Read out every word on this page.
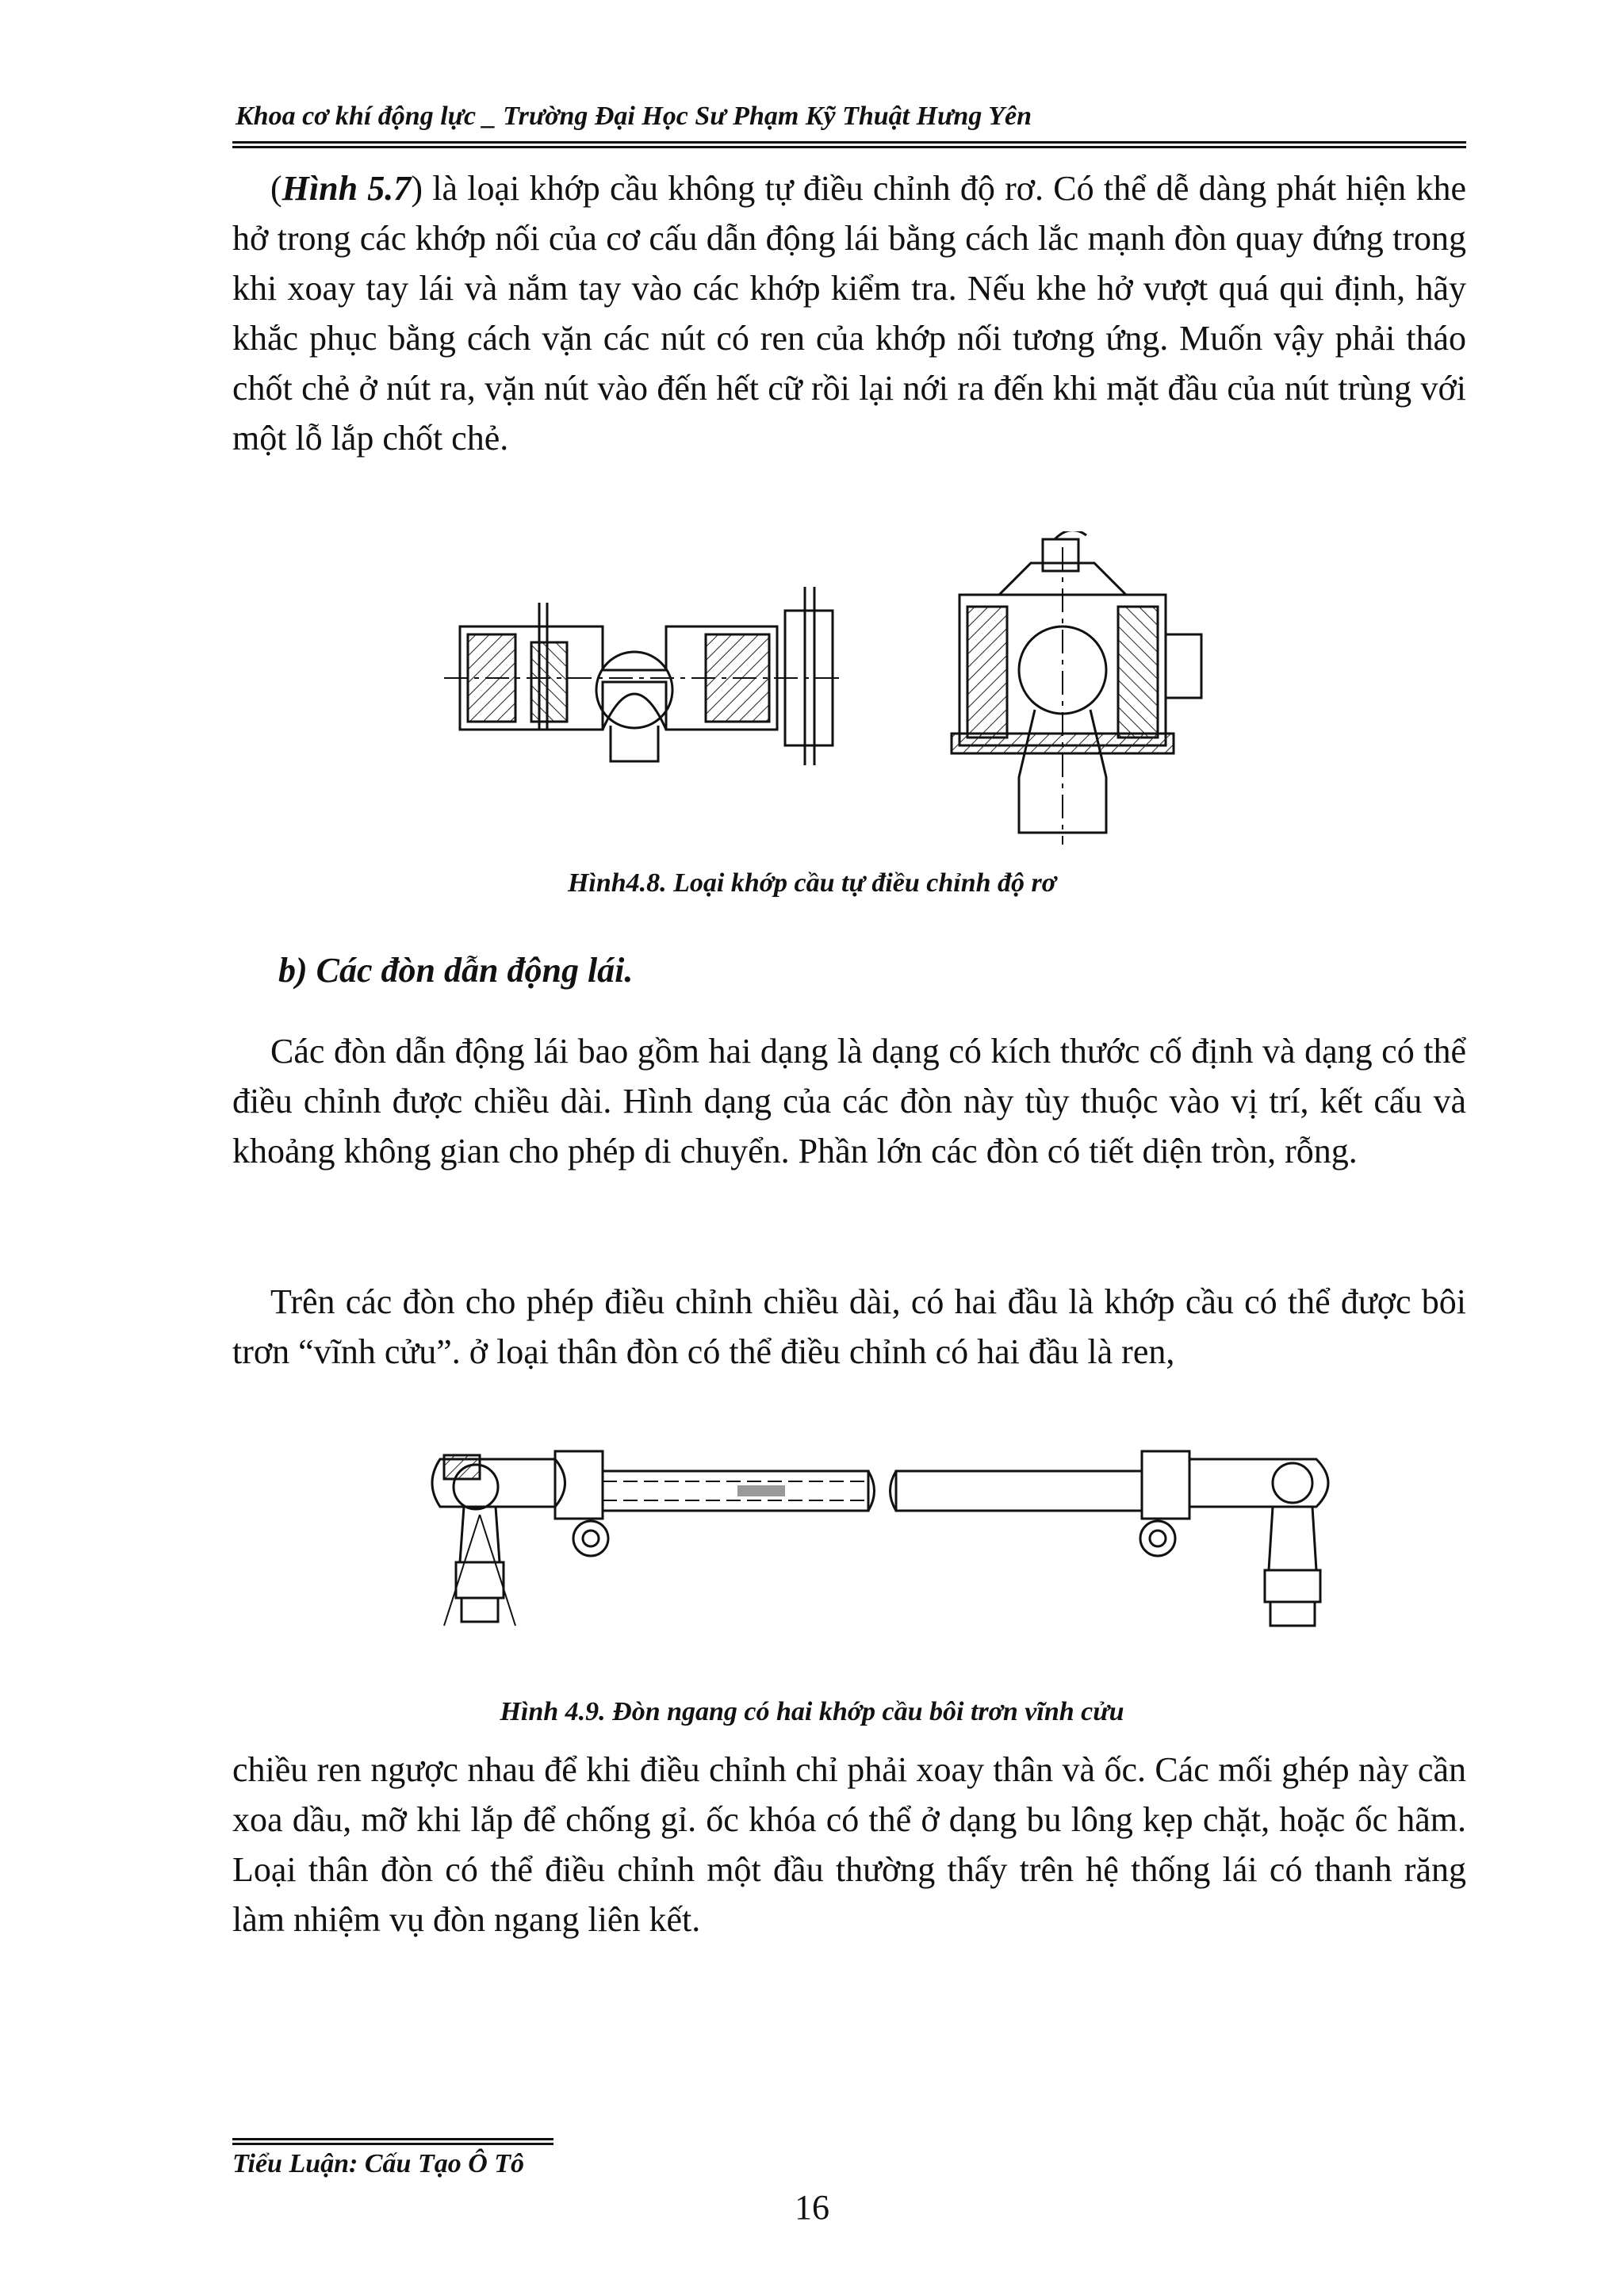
Khoa cơ khí động lực _ Trường Đại Học Sư Phạm Kỹ Thuật Hưng Yên
(Hình 5.7) là loại khớp cầu không tự điều chỉnh độ rơ. Có thể dễ dàng phát hiện khe hở trong các khớp nối của cơ cấu dẫn động lái bằng cách lắc mạnh đòn quay đứng trong khi xoay tay lái và nắm tay vào các khớp kiểm tra. Nếu khe hở vượt quá qui định, hãy khắc phục bằng cách vặn các nút có ren của khớp nối tương ứng. Muốn vậy phải tháo chốt chẻ ở nút ra, vặn nút vào đến hết cữ rồi lại nới ra đến khi mặt đầu của nút trùng với một lỗ lắp chốt chẻ.
Hình4.8. Loại khớp cầu tự điều chỉnh độ rơ
b) Các đòn dẫn động lái.
Các đòn dẫn động lái bao gồm hai dạng là dạng có kích thước cố định và dạng có thể điều chỉnh được chiều dài. Hình dạng của các đòn này tùy thuộc vào vị trí, kết cấu và khoảng không gian cho phép di chuyển. Phần lớn các đòn có tiết diện tròn, rỗng.
Trên các đòn cho phép điều chỉnh chiều dài, có hai đầu là khớp cầu có thể được bôi trơn “vĩnh cửu”. ở loại thân đòn có thể điều chỉnh có hai đầu là ren,
Hình 4.9. Đòn ngang có hai khớp cầu bôi trơn vĩnh cửu
chiều ren ngược nhau để khi điều chỉnh chỉ phải xoay thân và ốc. Các mối ghép này cần xoa dầu, mỡ khi lắp để chống gỉ. ốc khóa có thể ở dạng bu lông kẹp chặt, hoặc ốc hãm. Loại thân đòn có thể điều chỉnh một đầu thường thấy trên hệ thống lái có thanh răng làm nhiệm vụ đòn ngang liên kết.
Tiểu Luận: Cấu Tạo Ô Tô
16
